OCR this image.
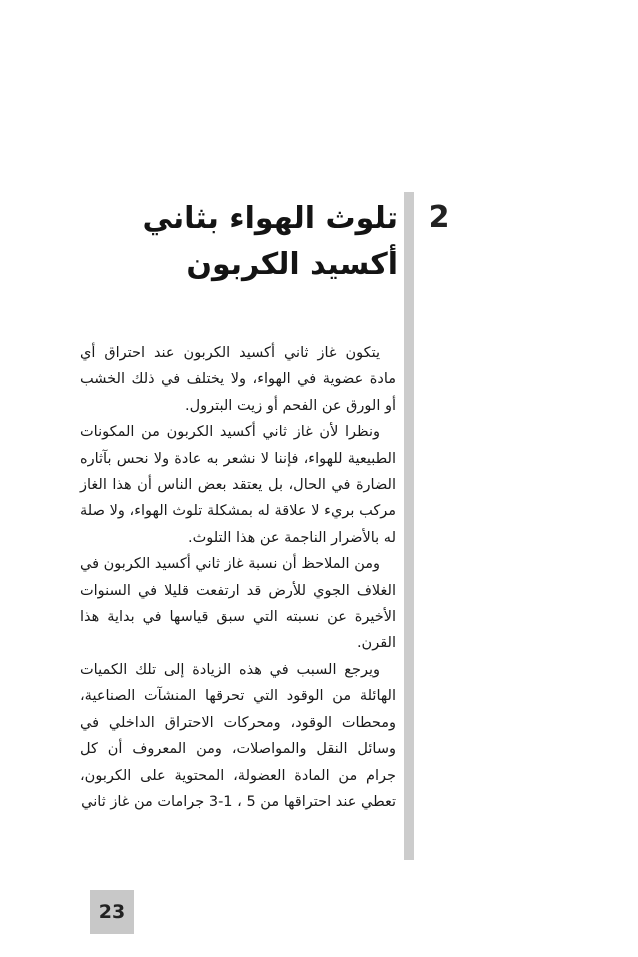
2
تلوث الهواء بثاني
أكسيد الكربون

يتكون غاز ثاني أكسيد الكربون عند احتراق أي مادة عضوية في الهواء، ولا يختلف في ذلك الخشب أو الورق عن الفحم أو زيت البترول.

ونظرا لأن غاز ثاني أكسيد الكربون من المكونات الطبيعية للهواء، فإننا لا نشعر به عادة ولا نحس بآثاره الضارة في الحال، بل يعتقد بعض الناس أن هذا الغاز مركب بريء لا علاقة له بمشكلة تلوث الهواء، ولا صلة له بالأضرار الناجمة عن هذا التلوث.

ومن الملاحظ أن نسبة غاز ثاني أكسيد الكربون في الغلاف الجوي للأرض قد ارتفعت قليلا في السنوات الأخيرة عن نسبته التي سبق قياسها في بداية هذا القرن.

ويرجع السبب في هذه الزيادة إلى تلك الكميات الهائلة من الوقود التي تحرقها المنشآت الصناعية، ومحطات الوقود، ومحركات الاحتراق الداخلي في وسائل النقل والمواصلات، ومن المعروف أن كل جرام من المادة العضولة، المحتوية على الكربون، تعطي عند احتراقها من 5 ، 1-3 جرامات من غاز ثاني

23
